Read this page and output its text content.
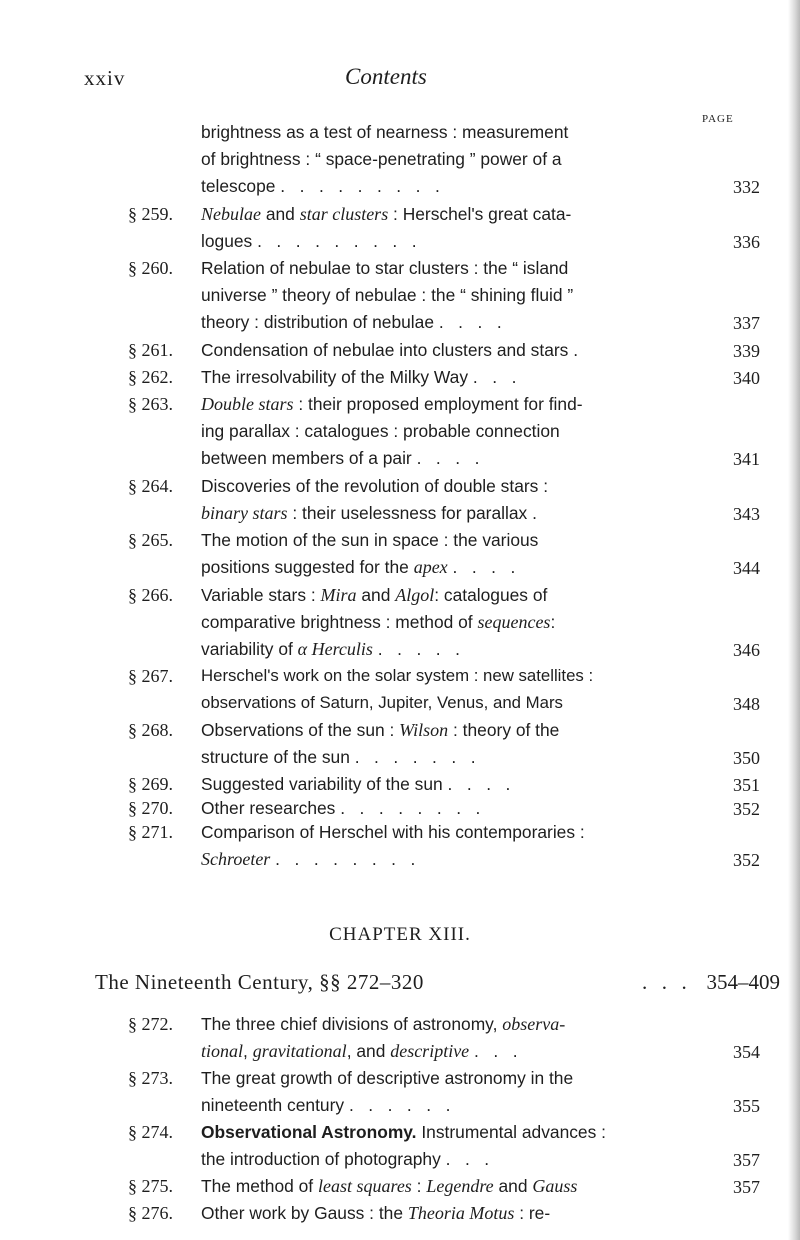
xxiv	Contents
PAGE
brightness as a test of nearness : measurement
of brightness : “ space-penetrating ” power of a
telescope .........	332
§ 259. Nebulae and star clusters : Herschel's great cata-
logues .........	336
§ 260. Relation of nebulae to star clusters : the “ island
universe ” theory of nebulae : the “ shining fluid ”
theory : distribution of nebulae ....	337
§ 261. Condensation of nebulae into clusters and stars .	339
§ 262. The irresolvability of the Milky Way ...	340
§ 263. Double stars : their proposed employment for find-
ing parallax : catalogues : probable connection
between members of a pair ....	341
§ 264. Discoveries of the revolution of double stars :
binary stars : their uselessness for parallax .	343
§ 265. The motion of the sun in space : the various
positions suggested for the apex ....	344
§ 266. Variable stars : Mira and Algol: catalogues of
comparative brightness : method of sequences:
variability of α Herculis .....	346
§ 267. Herschel's work on the solar system : new satellites :
observations of Saturn, Jupiter, Venus, and Mars	348
§ 268. Observations of the sun : Wilson : theory of the
structure of the sun .......	350
§ 269. Suggested variability of the sun ....	351
§ 270. Other researches ........	352
§ 271. Comparison of Herschel with his contemporaries :
Schroeter ........	352
CHAPTER XIII.
The Nineteenth Century, §§ 272–320	... 354–409
§ 272. The three chief divisions of astronomy, observa-
tional, gravitational, and descriptive ...	354
§ 273. The great growth of descriptive astronomy in the
nineteenth century ......	355
§ 274. Observational Astronomy. Instrumental advances :
the introduction of photography ...	357
§ 275. The method of least squares : Legendre and Gauss	357
§ 276. Other work by Gauss : the Theoria Motus : re-
